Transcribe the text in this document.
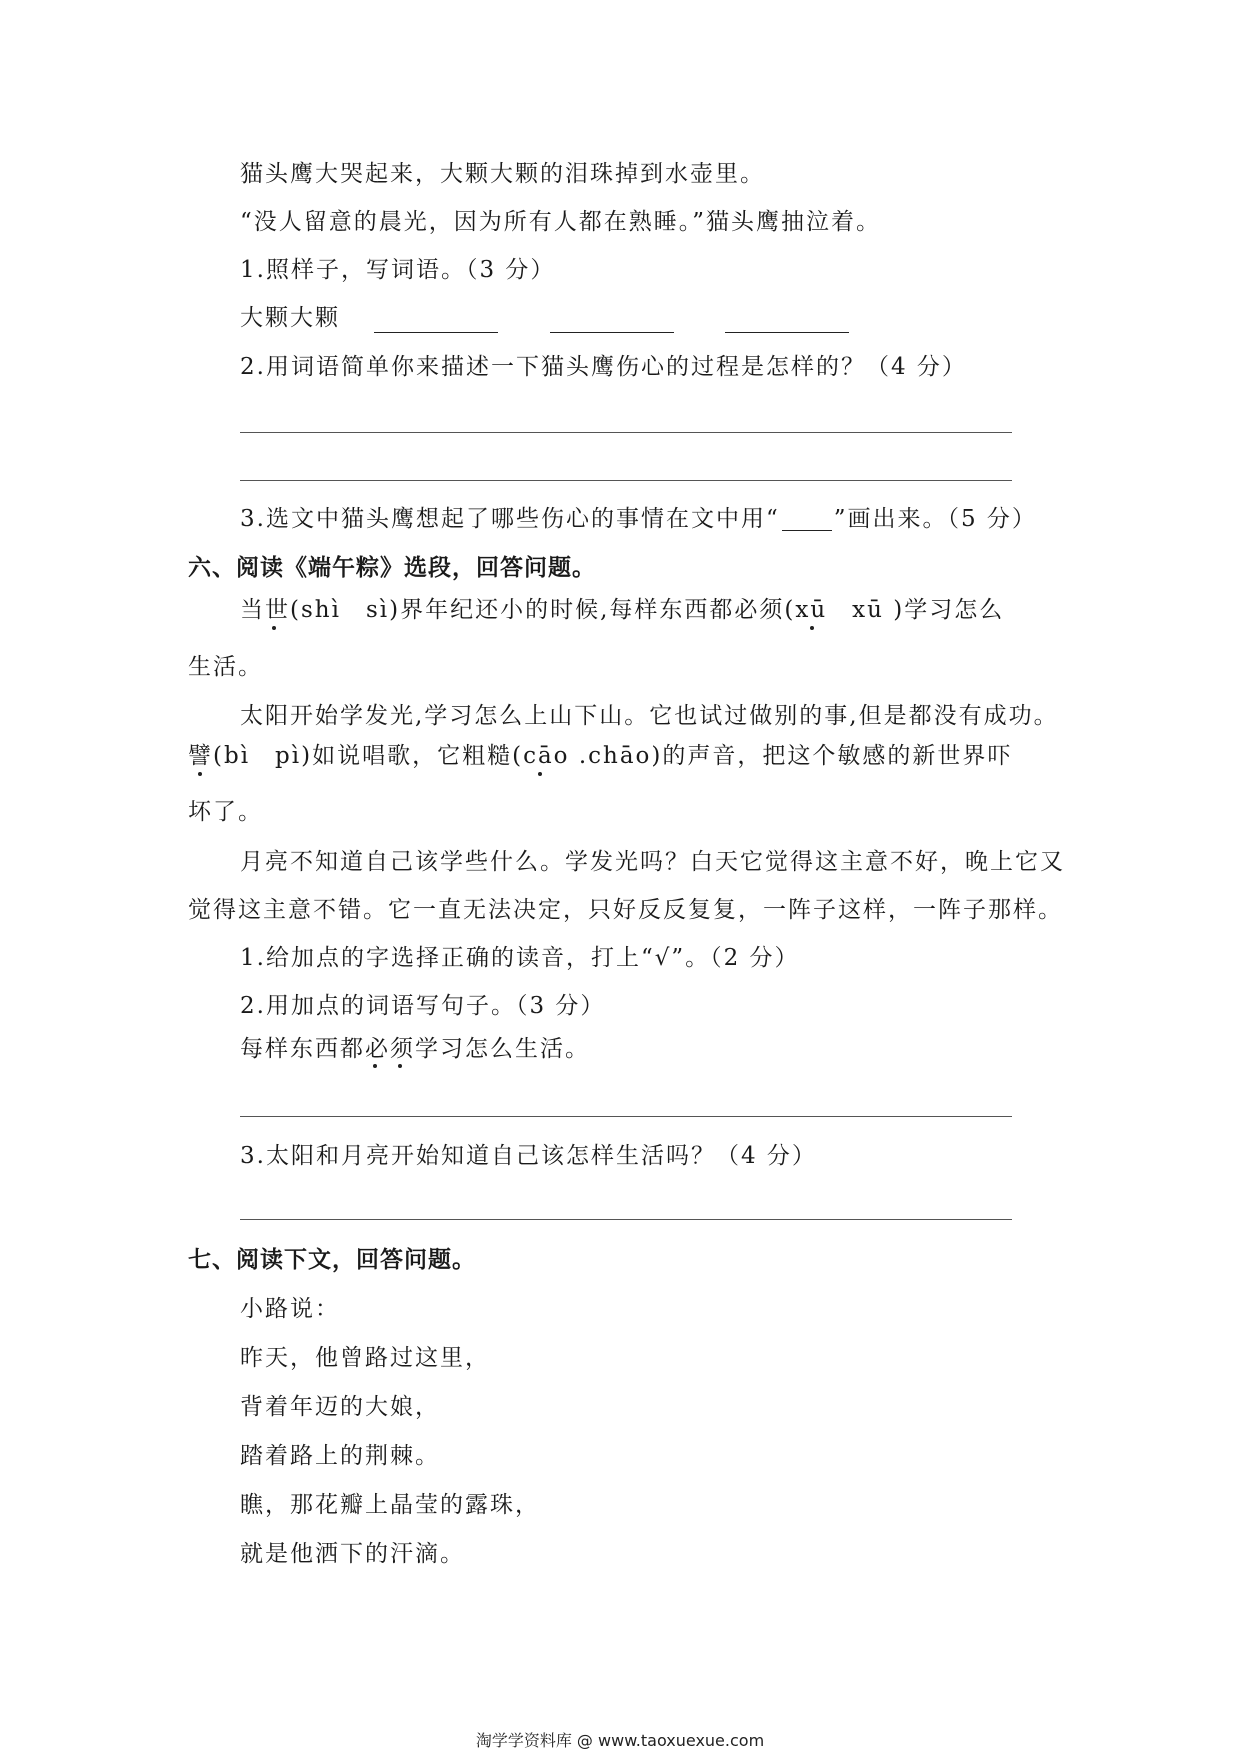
猫头鹰大哭起来，大颗大颗的泪珠掉到水壶里。
“没人留意的晨光，因为所有人都在熟睡。”猫头鹰抽泣着。
1.照样子，写词语。（3 分）
大颗大颗
2.用词语简单你来描述一下猫头鹰伤心的过程是怎样的？（4 分）
3.选文中猫头鹰想起了哪些伤心的事情在文中用“ ”画出来。（5 分）
六、阅读《端午粽》选段，回答问题。
当世(shì　sì)界年纪还小的时候,每样东西都必须(xū　xū )学习怎么
生活。
太阳开始学发光,学习怎么上山下山。它也试过做别的事,但是都没有成功。
譬(bì　pì)如说唱歌，它粗糙(cāo .chāo)的声音，把这个敏感的新世界吓
坏了。
月亮不知道自己该学些什么。学发光吗？白天它觉得这主意不好，晚上它又
觉得这主意不错。它一直无法决定，只好反反复复，一阵子这样，一阵子那样。
1.给加点的字选择正确的读音，打上“√”。（2 分）
2.用加点的词语写句子。（3 分）
每样东西都必须学习怎么生活。
3.太阳和月亮开始知道自己该怎样生活吗？（4 分）
七、阅读下文，回答问题。
小路说：
昨天，他曾路过这里，
背着年迈的大娘，
踏着路上的荆棘。
瞧，那花瓣上晶莹的露珠，
就是他洒下的汗滴。
淘学学资料库 @ www.taoxuexue.com
